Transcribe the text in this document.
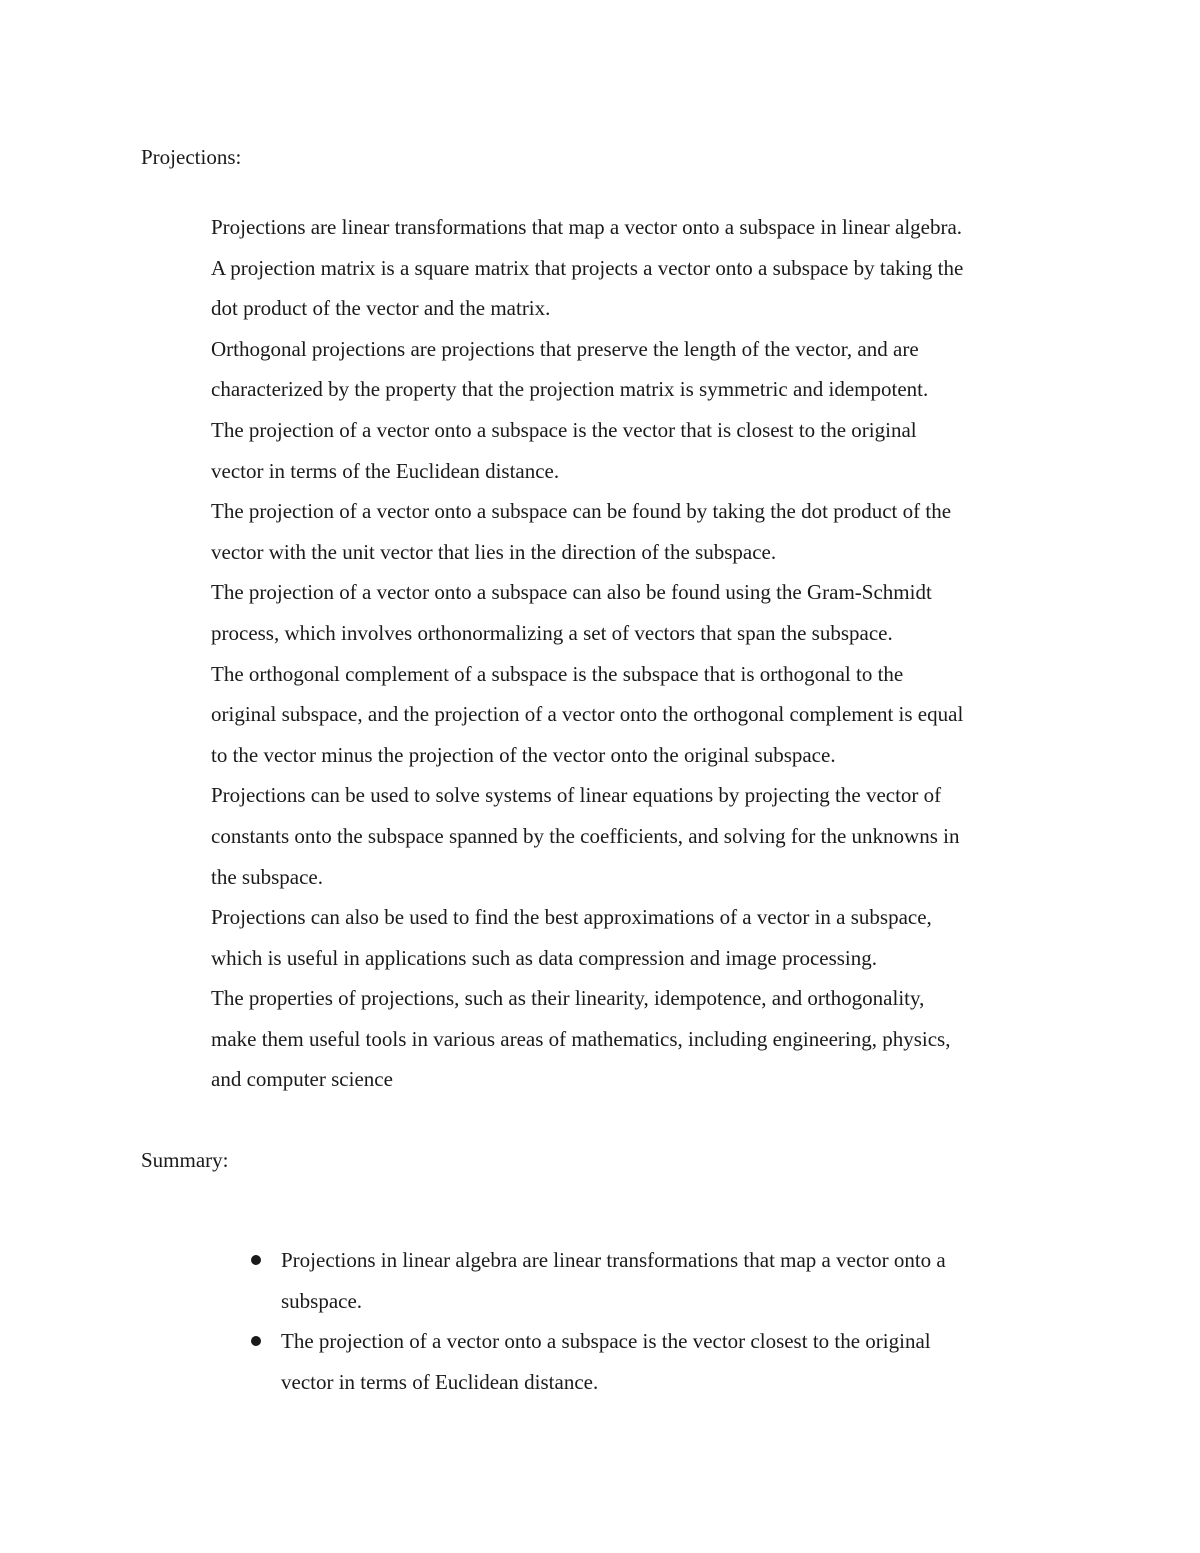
Projections:
Projections are linear transformations that map a vector onto a subspace in linear algebra.
A projection matrix is a square matrix that projects a vector onto a subspace by taking the
dot product of the vector and the matrix.
Orthogonal projections are projections that preserve the length of the vector, and are
characterized by the property that the projection matrix is symmetric and idempotent.
The projection of a vector onto a subspace is the vector that is closest to the original
vector in terms of the Euclidean distance.
The projection of a vector onto a subspace can be found by taking the dot product of the
vector with the unit vector that lies in the direction of the subspace.
The projection of a vector onto a subspace can also be found using the Gram-Schmidt
process, which involves orthonormalizing a set of vectors that span the subspace.
The orthogonal complement of a subspace is the subspace that is orthogonal to the
original subspace, and the projection of a vector onto the orthogonal complement is equal
to the vector minus the projection of the vector onto the original subspace.
Projections can be used to solve systems of linear equations by projecting the vector of
constants onto the subspace spanned by the coefficients, and solving for the unknowns in
the subspace.
Projections can also be used to find the best approximations of a vector in a subspace,
which is useful in applications such as data compression and image processing.
The properties of projections, such as their linearity, idempotence, and orthogonality,
make them useful tools in various areas of mathematics, including engineering, physics,
and computer science
Summary:
Projections in linear algebra are linear transformations that map a vector onto a
subspace.
The projection of a vector onto a subspace is the vector closest to the original
vector in terms of Euclidean distance.
